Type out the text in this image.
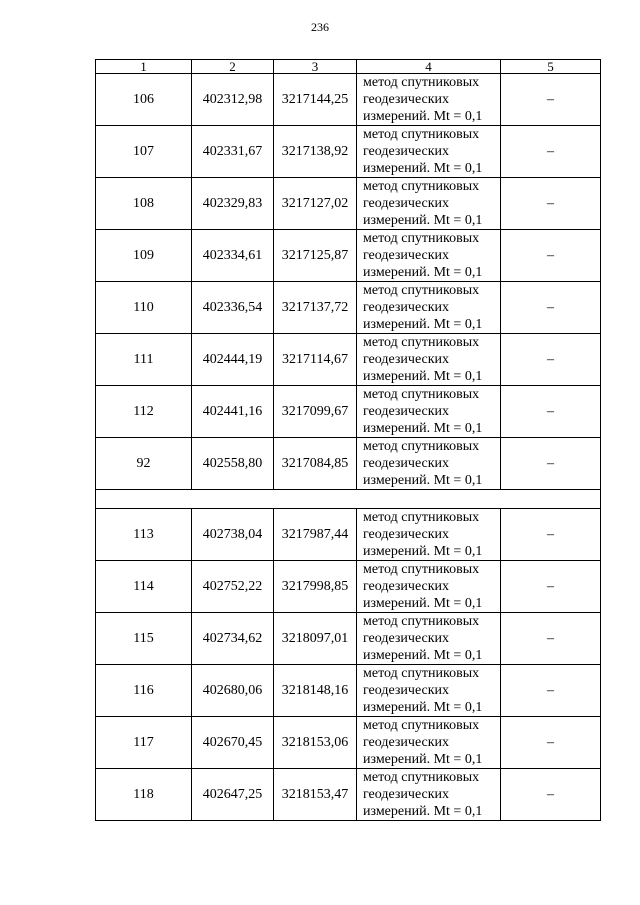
236
1	2	3	4	5
106	402312,98	3217144,25	метод спутниковых
геодезических
измерений. Mt = 0,1	–
107	402331,67	3217138,92	метод спутниковых
геодезических
измерений. Mt = 0,1	–
108	402329,83	3217127,02	метод спутниковых
геодезических
измерений. Mt = 0,1	–
109	402334,61	3217125,87	метод спутниковых
геодезических
измерений. Mt = 0,1	–
110	402336,54	3217137,72	метод спутниковых
геодезических
измерений. Mt = 0,1	–
111	402444,19	3217114,67	метод спутниковых
геодезических
измерений. Mt = 0,1	–
112	402441,16	3217099,67	метод спутниковых
геодезических
измерений. Mt = 0,1	–
92	402558,80	3217084,85	метод спутниковых
геодезических
измерений. Mt = 0,1	–

113	402738,04	3217987,44	метод спутниковых
геодезических
измерений. Mt = 0,1	–
114	402752,22	3217998,85	метод спутниковых
геодезических
измерений. Mt = 0,1	–
115	402734,62	3218097,01	метод спутниковых
геодезических
измерений. Mt = 0,1	–
116	402680,06	3218148,16	метод спутниковых
геодезических
измерений. Mt = 0,1	–
117	402670,45	3218153,06	метод спутниковых
геодезических
измерений. Mt = 0,1	–
118	402647,25	3218153,47	метод спутниковых
геодезических
измерений. Mt = 0,1	–
